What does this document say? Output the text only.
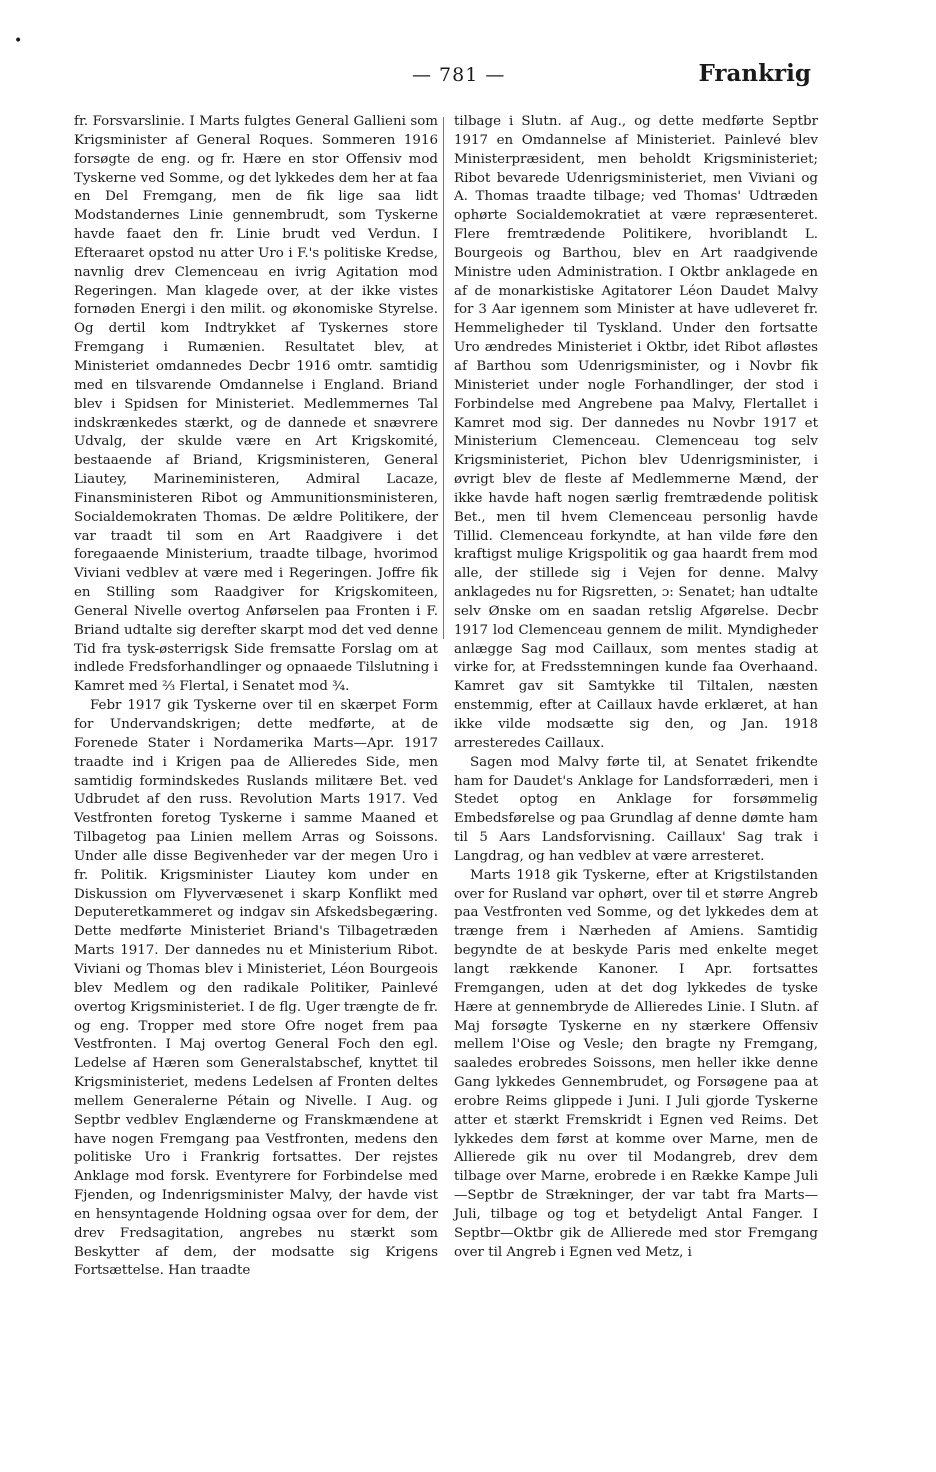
•
— 781 —	Frankrig

fr. Forsvarslinie. I Marts fulgtes General Gallieni som Krigsminister af General Roques. Sommeren 1916 forsøgte de eng. og fr. Hære en stor Offensiv mod Tyskerne ved Somme, og det lykkedes dem her at faa en Del Fremgang, men de fik lige saa lidt Modstandernes Linie gennembrudt, som Tyskerne havde faaet den fr. Linie brudt ved Verdun. I Efteraaret opstod nu atter Uro i F.'s politiske Kredse, navnlig drev Clemenceau en ivrig Agitation mod Regeringen. Man klagede over, at der ikke vistes fornøden Energi i den milit. og økonomiske Styrelse. Og dertil kom Indtrykket af Tyskernes store Fremgang i Rumænien. Resultatet blev, at Ministeriet omdannedes Decbr 1916 omtr. samtidig med en tilsvarende Omdannelse i England. Briand blev i Spidsen for Ministeriet. Medlemmernes Tal indskrænkedes stærkt, og de dannede et snævrere Udvalg, der skulde være en Art Krigskomité, bestaaende af Briand, Krigsministeren, General Liautey, Marineministeren, Admiral Lacaze, Finansministeren Ribot og Ammunitionsministeren, Socialdemokraten Thomas. De ældre Politikere, der var traadt til som en Art Raadgivere i det foregaaende Ministerium, traadte tilbage, hvorimod Viviani vedblev at være med i Regeringen. Joffre fik en Stilling som Raadgiver for Krigskomiteen, General Nivelle overtog Anførselen paa Fronten i F. Briand udtalte sig derefter skarpt mod det ved denne Tid fra tysk-østerrigsk Side fremsatte Forslag om at indlede Fredsforhandlinger og opnaaede Tilslutning i Kamret med ⅔ Flertal, i Senatet mod ¾.

Febr 1917 gik Tyskerne over til en skærpet Form for Undervandskrigen; dette medførte, at de Forenede Stater i Nordamerika Marts—Apr. 1917 traadte ind i Krigen paa de Allieredes Side, men samtidig formindskedes Ruslands militære Bet. ved Udbrudet af den russ. Revolution Marts 1917. Ved Vestfronten foretog Tyskerne i samme Maaned et Tilbagetog paa Linien mellem Arras og Soissons. Under alle disse Begivenheder var der megen Uro i fr. Politik. Krigsminister Liautey kom under en Diskussion om Flyvervæsenet i skarp Konflikt med Deputeretkammeret og indgav sin Afskedsbegæring. Dette medførte Ministeriet Briand's Tilbagetræden Marts 1917. Der dannedes nu et Ministerium Ribot. Viviani og Thomas blev i Ministeriet, Léon Bourgeois blev Medlem og den radikale Politiker, Painlevé overtog Krigsministeriet. I de flg. Uger trængte de fr. og eng. Tropper med store Ofre noget frem paa Vestfronten. I Maj overtog General Foch den egl. Ledelse af Hæren som Generalstabschef, knyttet til Krigsministeriet, medens Ledelsen af Fronten deltes mellem Generalerne Pétain og Nivelle. I Aug. og Septbr vedblev Englænderne og Franskmændene at have nogen Fremgang paa Vestfronten, medens den politiske Uro i Frankrig fortsattes. Der rejstes Anklage mod forsk. Eventyrere for Forbindelse med Fjenden, og Indenrigsminister Malvy, der havde vist en hensyntagende Holdning ogsaa over for dem, der drev Fredsagitation, angrebes nu stærkt som Beskytter af dem, der modsatte sig Krigens Fortsættelse. Han traadte

tilbage i Slutn. af Aug., og dette medførte Septbr 1917 en Omdannelse af Ministeriet. Painlevé blev Ministerpræsident, men beholdt Krigsministeriet; Ribot bevarede Udenrigsministeriet, men Viviani og A. Thomas traadte tilbage; ved Thomas' Udtræden ophørte Socialdemokratiet at være repræsenteret. Flere fremtrædende Politikere, hvoriblandt L. Bourgeois og Barthou, blev en Art raadgivende Ministre uden Administration. I Oktbr anklagede en af de monarkistiske Agitatorer Léon Daudet Malvy for 3 Aar igennem som Minister at have udleveret fr. Hemmeligheder til Tyskland. Under den fortsatte Uro ændredes Ministeriet i Oktbr, idet Ribot afløstes af Barthou som Udenrigsminister, og i Novbr fik Ministeriet under nogle Forhandlinger, der stod i Forbindelse med Angrebene paa Malvy, Flertallet i Kamret mod sig. Der dannedes nu Novbr 1917 et Ministerium Clemenceau. Clemenceau tog selv Krigsministeriet, Pichon blev Udenrigsminister, i øvrigt blev de fleste af Medlemmerne Mænd, der ikke havde haft nogen særlig fremtrædende politisk Bet., men til hvem Clemenceau personlig havde Tillid. Clemenceau forkyndte, at han vilde føre den kraftigst mulige Krigspolitik og gaa haardt frem mod alle, der stillede sig i Vejen for denne. Malvy anklagedes nu for Rigsretten, ɔ: Senatet; han udtalte selv Ønske om en saadan retslig Afgørelse. Decbr 1917 lod Clemenceau gennem de milit. Myndigheder anlægge Sag mod Caillaux, som mentes stadig at virke for, at Fredsstemningen kunde faa Overhaand. Kamret gav sit Samtykke til Tiltalen, næsten enstemmig, efter at Caillaux havde erklæret, at han ikke vilde modsætte sig den, og Jan. 1918 arresteredes Caillaux.

Sagen mod Malvy førte til, at Senatet frikendte ham for Daudet's Anklage for Landsforræderi, men i Stedet optog en Anklage for forsømmelig Embedsførelse og paa Grundlag af denne dømte ham til 5 Aars Landsforvisning. Caillaux' Sag trak i Langdrag, og han vedblev at være arresteret.

Marts 1918 gik Tyskerne, efter at Krigstilstanden over for Rusland var ophørt, over til et større Angreb paa Vestfronten ved Somme, og det lykkedes dem at trænge frem i Nærheden af Amiens. Samtidig begyndte de at beskyde Paris med enkelte meget langt rækkende Kanoner. I Apr. fortsattes Fremgangen, uden at det dog lykkedes de tyske Hære at gennembryde de Allieredes Linie. I Slutn. af Maj forsøgte Tyskerne en ny stærkere Offensiv mellem l'Oise og Vesle; den bragte ny Fremgang, saaledes erobredes Soissons, men heller ikke denne Gang lykkedes Gennembrudet, og Forsøgene paa at erobre Reims glippede i Juni. I Juli gjorde Tyskerne atter et stærkt Fremskridt i Egnen ved Reims. Det lykkedes dem først at komme over Marne, men de Allierede gik nu over til Modangreb, drev dem tilbage over Marne, erobrede i en Række Kampe Juli—Septbr de Strækninger, der var tabt fra Marts—Juli, tilbage og tog et betydeligt Antal Fanger. I Septbr—Oktbr gik de Allierede med stor Fremgang over til Angreb i Egnen ved Metz, i
